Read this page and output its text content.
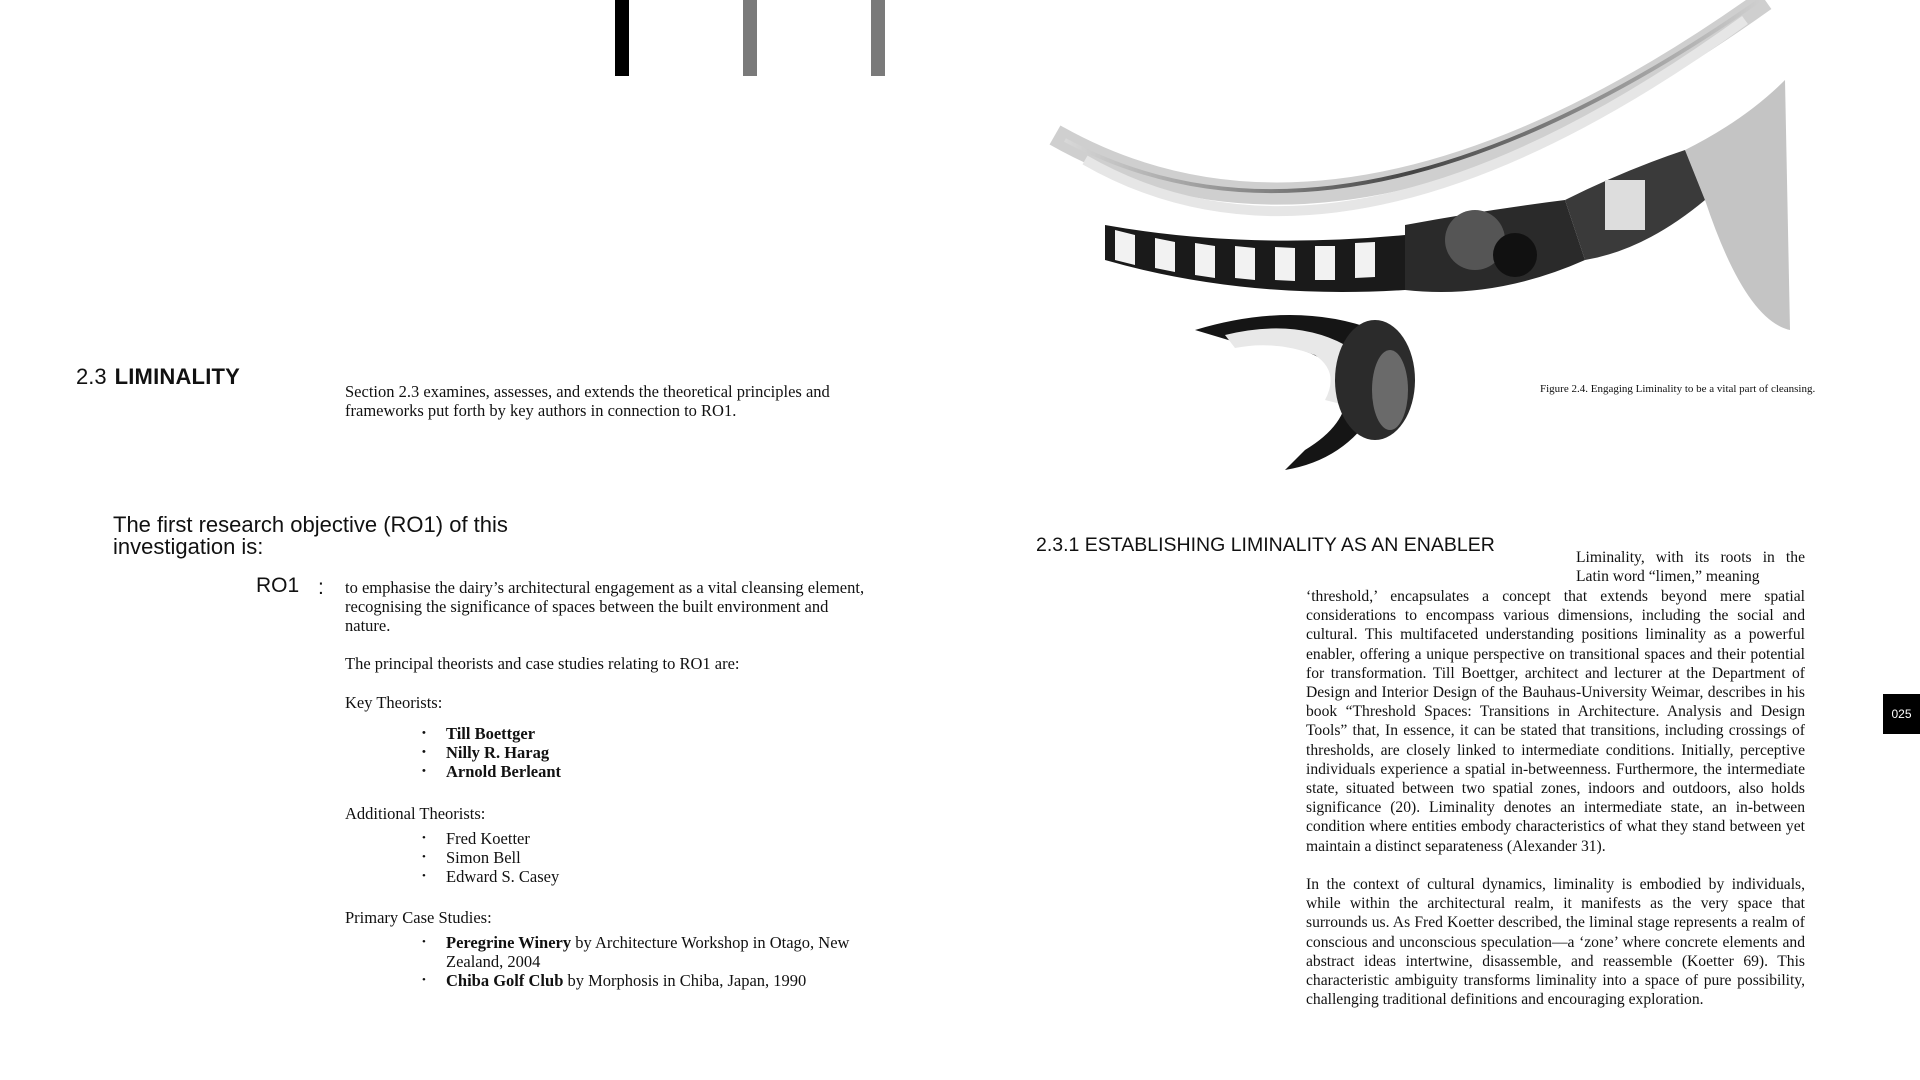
2.3 LIMINALITY

Section 2.3 examines, assesses, and extends the theoretical principles and frameworks put forth by key authors in connection to RO1.

The first research objective (RO1) of this investigation is:

RO1 : to emphasise the dairy’s architectural engagement as a vital cleansing element, recognising the significance of spaces between the built environment and nature.

The principal theorists and case studies relating to RO1 are:

Key Theorists:

• Till Boettger
• Nilly R. Harag
• Arnold Berleant

Additional Theorists:

• Fred Koetter
• Simon Bell
• Edward S. Casey

Primary Case Studies:

• Peregrine Winery by Architecture Workshop in Otago, New Zealand, 2004
• Chiba Golf Club by Morphosis in Chiba, Japan, 1990

Figure 2.4. Engaging Liminality to be a vital part of cleansing.

2.3.1 ESTABLISHING LIMINALITY AS AN ENABLER

Liminality, with its roots in the Latin word “limen,” meaning

‘threshold,’ encapsulates a concept that extends beyond mere spatial considerations to encompass various dimensions, including the social and cultural. This multifaceted understanding positions liminality as a powerful enabler, offering a unique perspective on transitional spaces and their potential for transformation. Till Boettger, architect and lecturer at the Department of Design and Interior Design of the Bauhaus-University Weimar, describes in his book “Threshold Spaces: Transitions in Architecture. Analysis and Design Tools” that, In essence, it can be stated that transitions, including crossings of thresholds, are closely linked to intermediate conditions. Initially, perceptive individuals experience a spatial in-betweenness. Furthermore, the intermediate state, situated between two spatial zones, indoors and outdoors, also holds significance (20). Liminality denotes an intermediate state, an in-between condition where entities embody characteristics of what they stand between yet maintain a distinct separateness (Alexander 31).

In the context of cultural dynamics, liminality is embodied by individuals, while within the architectural realm, it manifests as the very space that surrounds us. As Fred Koetter described, the liminal stage represents a realm of conscious and unconscious speculation—a ‘zone’ where concrete elements and abstract ideas intertwine, disassemble, and reassemble (Koetter 69). This characteristic ambiguity transforms liminality into a space of pure possibility, challenging traditional definitions and encouraging exploration.

025
